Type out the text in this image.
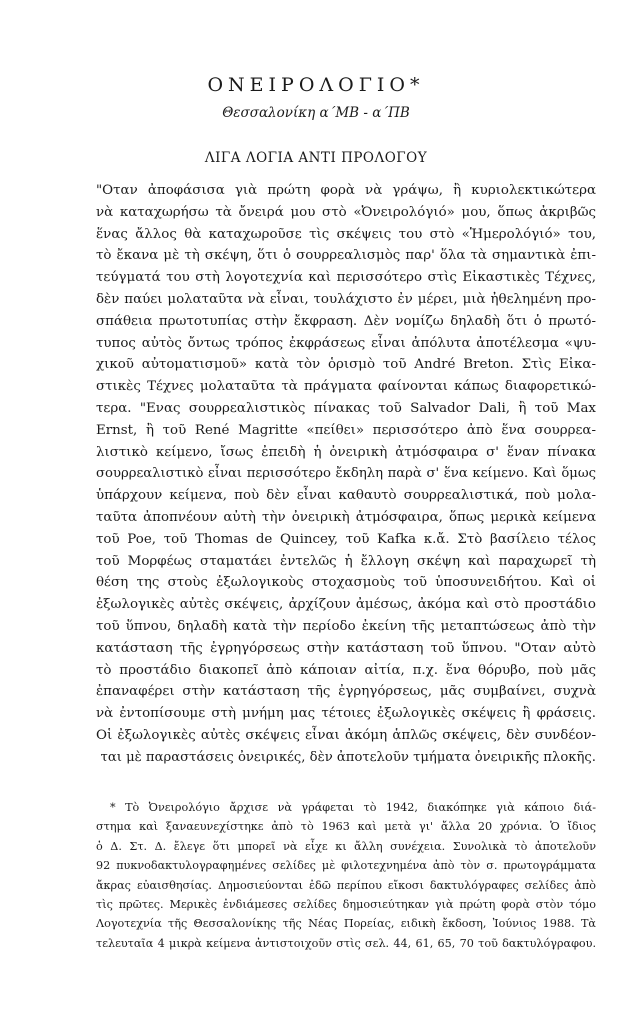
ΟΝΕΙΡΟΛΟΓΙΟ*
Θεσσαλονίκη α΄ΜΒ - α΄ΠΒ
ΛΙΓΑ ΛΟΓΙΑ ΑΝΤΙ ΠΡΟΛΟΓΟΥ
"Οταν ἀποφάσισα γιὰ πρώτη φορὰ νὰ γράψω, ἢ κυριολεκτικώτερα
νὰ καταχωρήσω τὰ ὄνειρά μου στὸ «Ὀνειρολόγιό» μου, ὅπως ἀκριβῶς
ἕνας ἄλλος θὰ καταχωροῦσε τὶς σκέψεις του στὸ «Ἡμερολόγιό» του,
τὸ ἔκανα μὲ τὴ σκέψη, ὅτι ὁ σουρρεαλισμὸς παρ' ὅλα τὰ σημαντικὰ ἐπι-
τεύγματά του στὴ λογοτεχνία καὶ περισσότερο στὶς Εἰκαστικὲς Τέχνες,
δὲν παύει μολαταῦτα νὰ εἶναι, τουλάχιστο ἐν μέρει, μιὰ ἠθελημένη προ-
σπάθεια πρωτοτυπίας στὴν ἔκφραση. Δὲν νομίζω δηλαδὴ ὅτι ὁ πρωτό-
τυπος αὐτὸς ὄντως τρόπος ἐκφράσεως εἶναι ἀπόλυτα ἀποτέλεσμα «ψυ-
χικοῦ αὐτοματισμοῦ» κατὰ τὸν ὁρισμὸ τοῦ André Breton. Στὶς Εἰκα-
στικὲς Τέχνες μολαταῦτα τὰ πράγματα φαίνονται κάπως διαφορετικώ-
τερα. "Ενας σουρρεαλιστικὸς πίνακας τοῦ Salvador Dali, ἢ τοῦ Max
Ernst, ἢ τοῦ René Magritte «πείθει» περισσότερο ἀπὸ ἕνα σουρρεα-
λιστικὸ κείμενο, ἴσως ἐπειδὴ ἡ ὀνειρικὴ ἀτμόσφαιρα σ' ἕναν πίνακα
σουρρεαλιστικὸ εἶναι περισσότερο ἔκδηλη παρὰ σ' ἕνα κείμενο. Καὶ ὅμως
ὑπάρχουν κείμενα, ποὺ δὲν εἶναι καθαυτὸ σουρρεαλιστικά, ποὺ μολα-
ταῦτα ἀποπνέουν αὐτὴ τὴν ὀνειρικὴ ἀτμόσφαιρα, ὅπως μερικὰ κείμενα
τοῦ Poe, τοῦ Thomas de Quincey, τοῦ Kafka κ.ἄ. Στὸ βασίλειο τέλος
τοῦ Μορφέως σταματάει ἐντελῶς ἡ ἔλλογη σκέψη καὶ παραχωρεῖ τὴ
θέση της στοὺς ἐξωλογικοὺς στοχασμοὺς τοῦ ὑποσυνειδήτου. Καὶ οἱ
ἐξωλογικὲς αὐτὲς σκέψεις, ἀρχίζουν ἀμέσως, ἀκόμα καὶ στὸ προστάδιο
τοῦ ὕπνου, δηλαδὴ κατὰ τὴν περίοδο ἐκείνη τῆς μεταπτώσεως ἀπὸ τὴν
κατάσταση τῆς ἐγρηγόρσεως στὴν κατάσταση τοῦ ὕπνου. "Οταν αὐτὸ
τὸ προστάδιο διακοπεῖ ἀπὸ κάποιαν αἰτία, π.χ. ἕνα θόρυβο, ποὺ μᾶς
ἐπαναφέρει στὴν κατάσταση τῆς ἐγρηγόρσεως, μᾶς συμβαίνει, συχνὰ
νὰ ἐντοπίσουμε στὴ μνήμη μας τέτοιες ἐξωλογικὲς σκέψεις ἢ φράσεις.
Οἱ ἐξωλογικὲς αὐτὲς σκέψεις εἶναι ἀκόμη ἁπλῶς σκέψεις, δὲν συνδέον-
ται μὲ παραστάσεις ὀνειρικές, δὲν ἀποτελοῦν τμήματα ὀνειρικῆς πλοκῆς.
* Τὸ Ὀνειρολόγιο ἄρχισε νὰ γράφεται τὸ 1942, διακόπηκε γιὰ κάποιο διά-
στημα καὶ ξαναευνεχίστηκε ἀπὸ τὸ 1963 καὶ μετὰ γι' ἄλλα 20 χρόνια. Ὁ ἴδιος
ὁ Δ. Στ. Δ. ἔλεγε ὅτι μπορεῖ νὰ εἶχε κι ἄλλη συνέχεια. Συνολικὰ τὸ ἀποτελοῦν
92 πυκνοδακτυλογραφημένες σελίδες μὲ φιλοτεχνημένα ἀπὸ τὸν σ. πρωτογράμματα
ἄκρας εὐαισθησίας. Δημοσιεύονται ἐδῶ περίπου εἴκοσι δακτυλόγραφες σελίδες ἀπὸ
τὶς πρῶτες. Μερικὲς ἐνδιάμεσες σελίδες δημοσιεύτηκαν γιὰ πρώτη φορὰ στὸν τόμο
Λογοτεχνία τῆς Θεσσαλονίκης τῆς Νέας Πορείας, ειδικὴ ἔκδοση, Ἰούνιος 1988. Τὰ
τελευταῖα 4 μικρὰ κείμενα ἀντιστοιχοῦν στὶς σελ. 44, 61, 65, 70 τοῦ δακτυλόγραφου.
